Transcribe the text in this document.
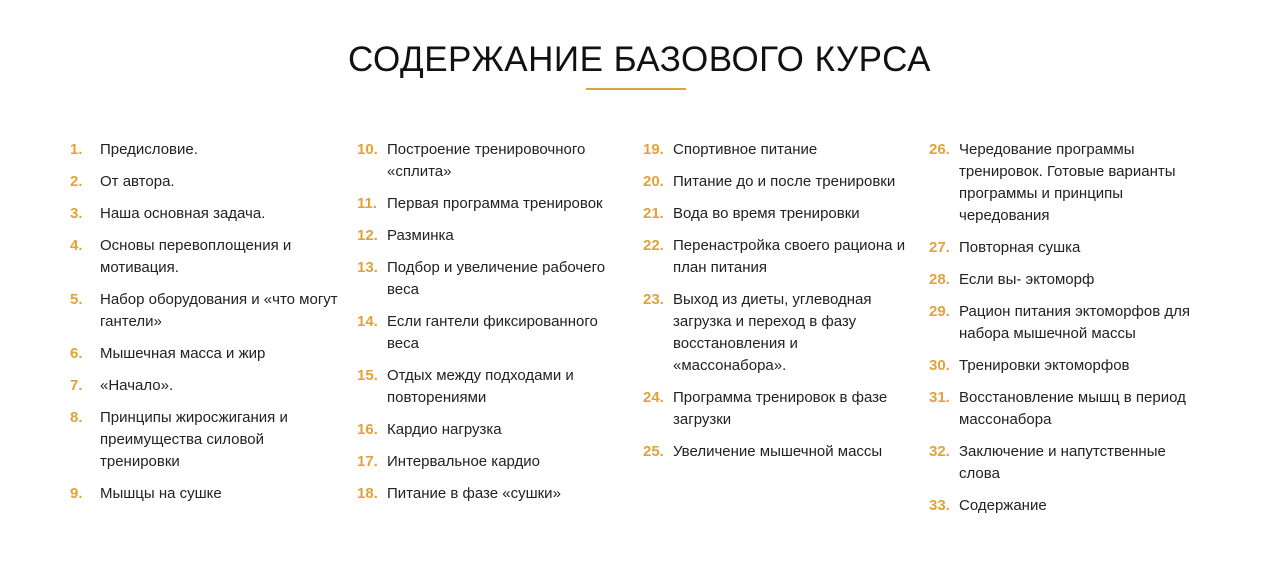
СОДЕРЖАНИЕ БАЗОВОГО КУРСА
1.	Предисловие.
2.	От автора.
3.	Наша основная задача.
4.	Основы перевоплощения и мотивация.
5.	Набор оборудования и «что могут гантели»
6.	Мышечная масса и жир
7.	«Начало».
8.	Принципы жиросжигания и преимущества силовой тренировки
9.	Мышцы на сушке
10. Построение тренировочного «сплита»
11. Первая программа тренировок
12. Разминка
13. Подбор и увеличение рабочего веса
14. Если гантели фиксированного веса
15. Отдых между подходами и повторениями
16. Кардио нагрузка
17. Интервальное кардио
18. Питание в фазе «сушки»
19. Спортивное питание
20. Питание до и после тренировки
21. Вода во время тренировки
22. Перенастройка своего рациона и план питания
23. Выход из диеты, углеводная загрузка и переход в фазу восстановления и «массонабора».
24. Программа тренировок в фазе загрузки
25. Увеличение мышечной массы
26. Чередование программы тренировок. Готовые варианты программы и принципы чередования
27. Повторная сушка
28. Если вы- эктоморф
29. Рацион питания эктоморфов для набора мышечной массы
30. Тренировки эктоморфов
31. Восстановление мышц в период массонабора
32. Заключение и напутственные слова
33. Содержание
